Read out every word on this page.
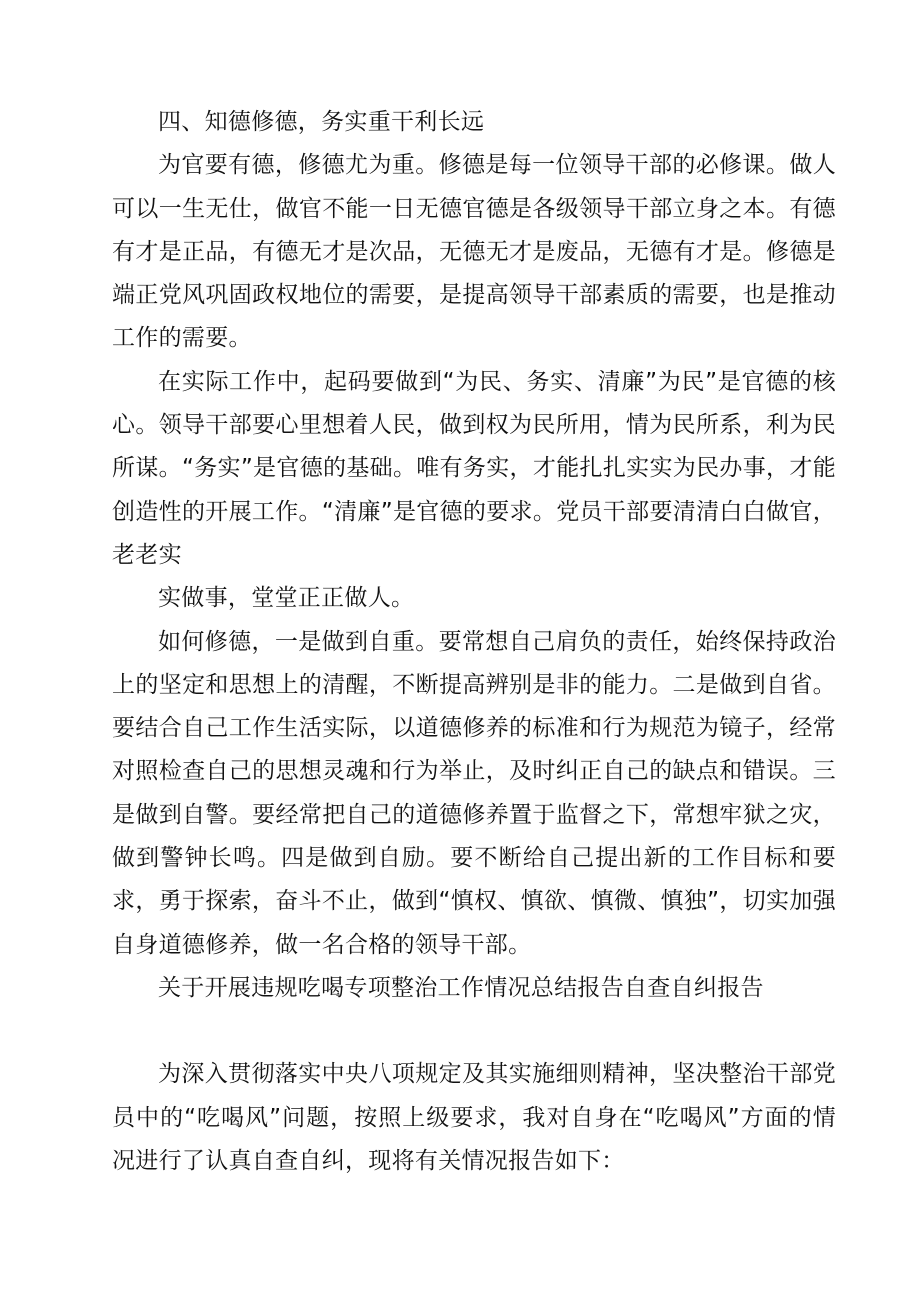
四、知德修德，务实重干利长远

为官要有德，修德尤为重。修德是每一位领导干部的必修课。做人可以一生无仕，做官不能一日无德官德是各级领导干部立身之本。有德有才是正品，有德无才是次品，无德无才是废品，无德有才是。修德是端正党风巩固政权地位的需要，是提高领导干部素质的需要，也是推动工作的需要。

在实际工作中，起码要做到“为民、务实、清廉”为民”是官德的核心。领导干部要心里想着人民，做到权为民所用，情为民所系，利为民所谋。“务实”是官德的基础。唯有务实，才能扎扎实实为民办事，才能创造性的开展工作。“清廉”是官德的要求。党员干部要清清白白做官，老老实

实做事，堂堂正正做人。

如何修德，一是做到自重。要常想自己肩负的责任，始终保持政治上的坚定和思想上的清醒，不断提高辨别是非的能力。二是做到自省。要结合自己工作生活实际，以道德修养的标准和行为规范为镜子，经常对照检查自己的思想灵魂和行为举止，及时纠正自己的缺点和错误。三是做到自警。要经常把自己的道德修养置于监督之下，常想牢狱之灾，做到警钟长鸣。四是做到自励。要不断给自己提出新的工作目标和要求，勇于探索，奋斗不止，做到“慎权、慎欲、慎微、慎独”，切实加强自身道德修养，做一名合格的领导干部。

关于开展违规吃喝专项整治工作情况总结报告自查自纠报告

为深入贯彻落实中央八项规定及其实施细则精神，坚决整治干部党员中的“吃喝风”问题，按照上级要求，我对自身在“吃喝风”方面的情况进行了认真自查自纠，现将有关情况报告如下：
